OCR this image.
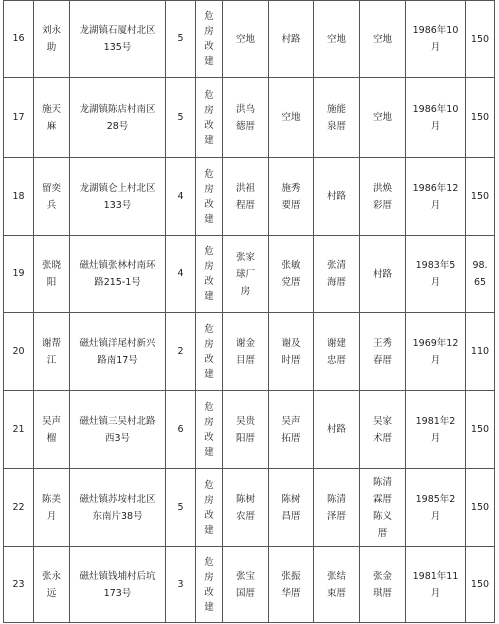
16	刘永助	龙湖镇石厦村北区135号	5	危
房
改
建	空地	村路	空地	空地	1986年10月	150
17	施天麻	龙湖镇陈店村南区28号	5	危
房
改
建	洪乌德厝	空地	施能泉厝	空地	1986年10月	150
18	留奕兵	龙湖镇仑上村北区133号	4	危
房
改
建	洪祖程厝	施秀要厝	村路	洪焕彩厝	1986年12月	150
19	张晓阳	磁灶镇张林村南环路215-1号	4	危
房
改
建	张家球厂房	张敏党厝	张清海厝	村路	1983年5月	98.65
20	谢帮江	磁灶镇洋尾村新兴路南17号	2	危
房
改
建	谢金目厝	谢及时厝	谢建忠厝	王秀春厝	1969年12月	110
21	吴声榴	磁灶镇三吴村北路西3号	6	危
房
改
建	吴贵阳厝	吴声拓厝	村路	吴家术厝	1981年2月	150
22	陈美月	磁灶镇苏垵村北区东南片38号	5	危
房
改
建	陈树农厝	陈树昌厝	陈清泽厝	陈清霖厝陈义厝	1985年2月	150
23	张永远	磁灶镇钱埔村后坑173号	3	危
房
改
建	张宝国厝	张振华厝	张结束厝	张金琪厝	1981年11月	150
